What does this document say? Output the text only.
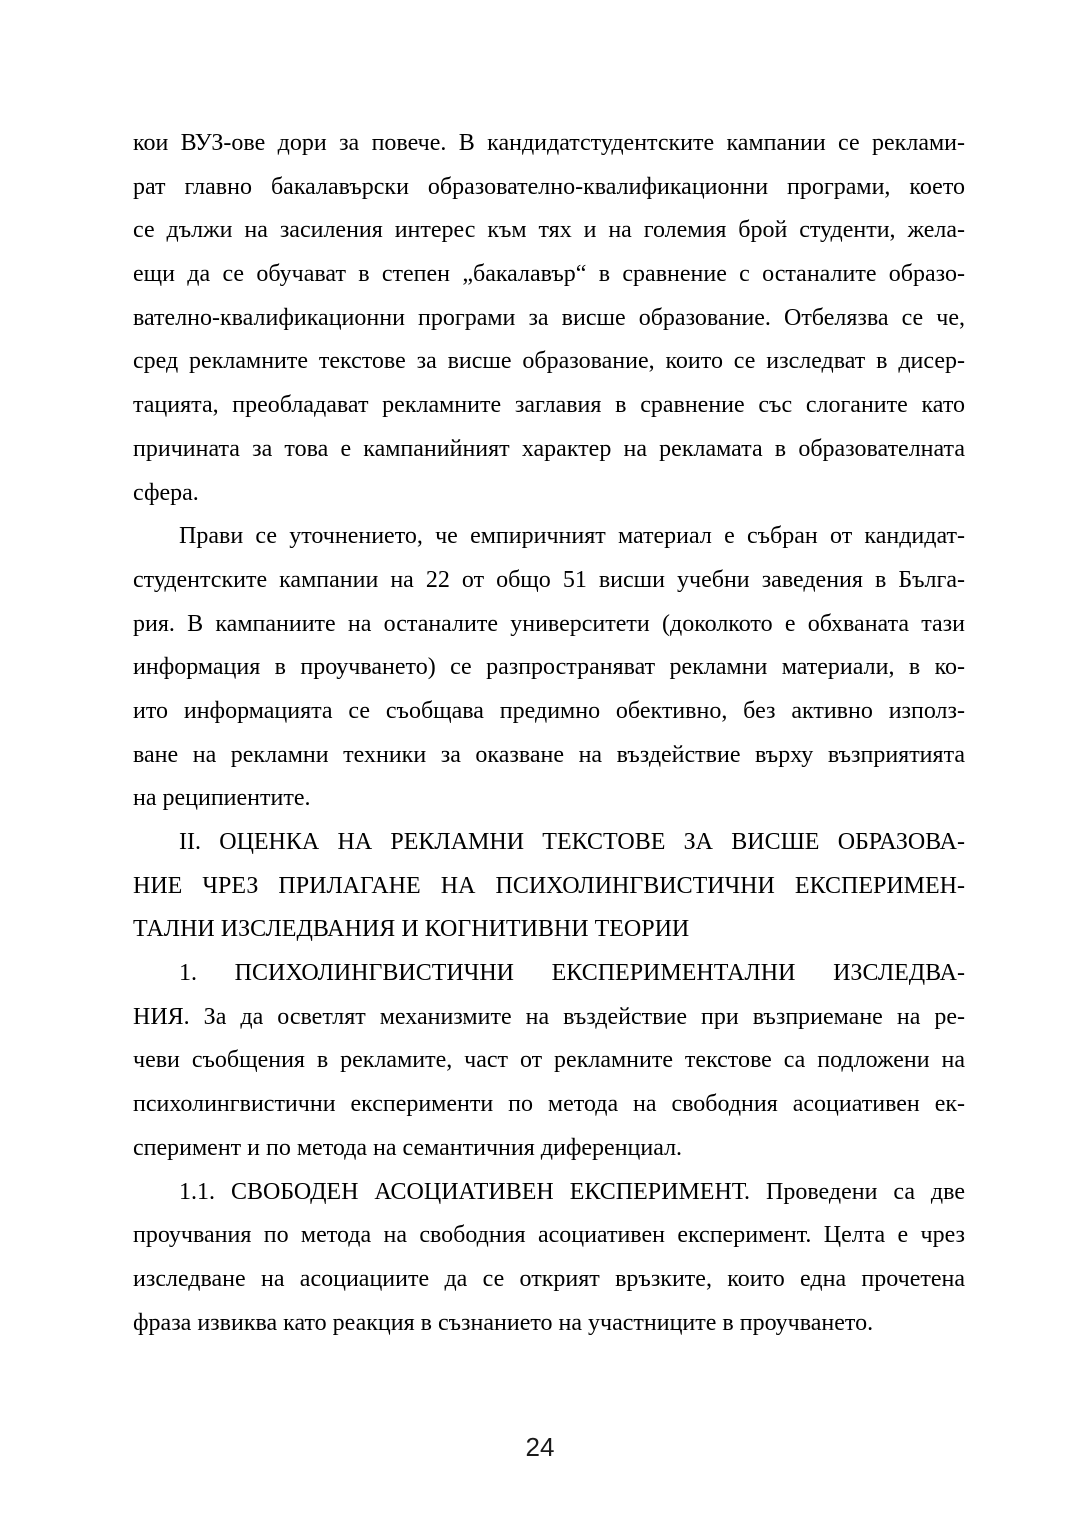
кои ВУЗ-ове дори за повече. В кандидатстудентските кампании се реклами-
рат главно бакалавърски образователно-квалификационни програми, което
се дължи на засиления интерес към тях и на големия брой студенти, жела-
ещи да се обучават в степен „бакалавър“ в сравнение с останалите образо-
вателно-квалификационни програми за висше образование. Отбелязва се че,
сред рекламните текстове за висше образование, които се изследват в дисер-
тацията, преобладават рекламните заглавия в сравнение със слоганите като
причината за това е кампанийният характер на рекламата в образователната
сфера.
Прави се уточнението, че емпиричният материал е събран от кандидат-
студентските кампании на 22 от общо 51 висши учебни заведения в Бълга-
рия. В кампаниите на останалите университети (доколкото е обхваната тази
информация в проучването) се разпространяват рекламни материали, в ко-
ито информацията се съобщава предимно обективно, без активно използ-
ване на рекламни техники за оказване на въздействие върху възприятията
на реципиентите.
II. ОЦЕНКА НА РЕКЛАМНИ ТЕКСТОВЕ ЗА ВИСШЕ ОБРАЗОВА-
НИЕ ЧРЕЗ ПРИЛАГАНЕ НА ПСИХОЛИНГВИСТИЧНИ ЕКСПЕРИМЕН-
ТАЛНИ ИЗСЛЕДВАНИЯ И КОГНИТИВНИ ТЕОРИИ
1. ПСИХОЛИНГВИСТИЧНИ ЕКСПЕРИМЕНТАЛНИ ИЗСЛЕДВА-
НИЯ. За да осветлят механизмите на въздействие при възприемане на ре-
чеви съобщения в рекламите, част от рекламните текстове са подложени на
психолингвистични експерименти по метода на свободния асоциативен ек-
сперимент и по метода на семантичния диференциал.
1.1. СВОБОДЕН АСОЦИАТИВЕН ЕКСПЕРИМЕНТ. Проведени са две
проучвания по метода на свободния асоциативен експеримент. Целта е чрез
изследване на асоциациите да се открият връзките, които една прочетена
фраза извиква като реакция в съзнанието на участниците в проучването.
24
